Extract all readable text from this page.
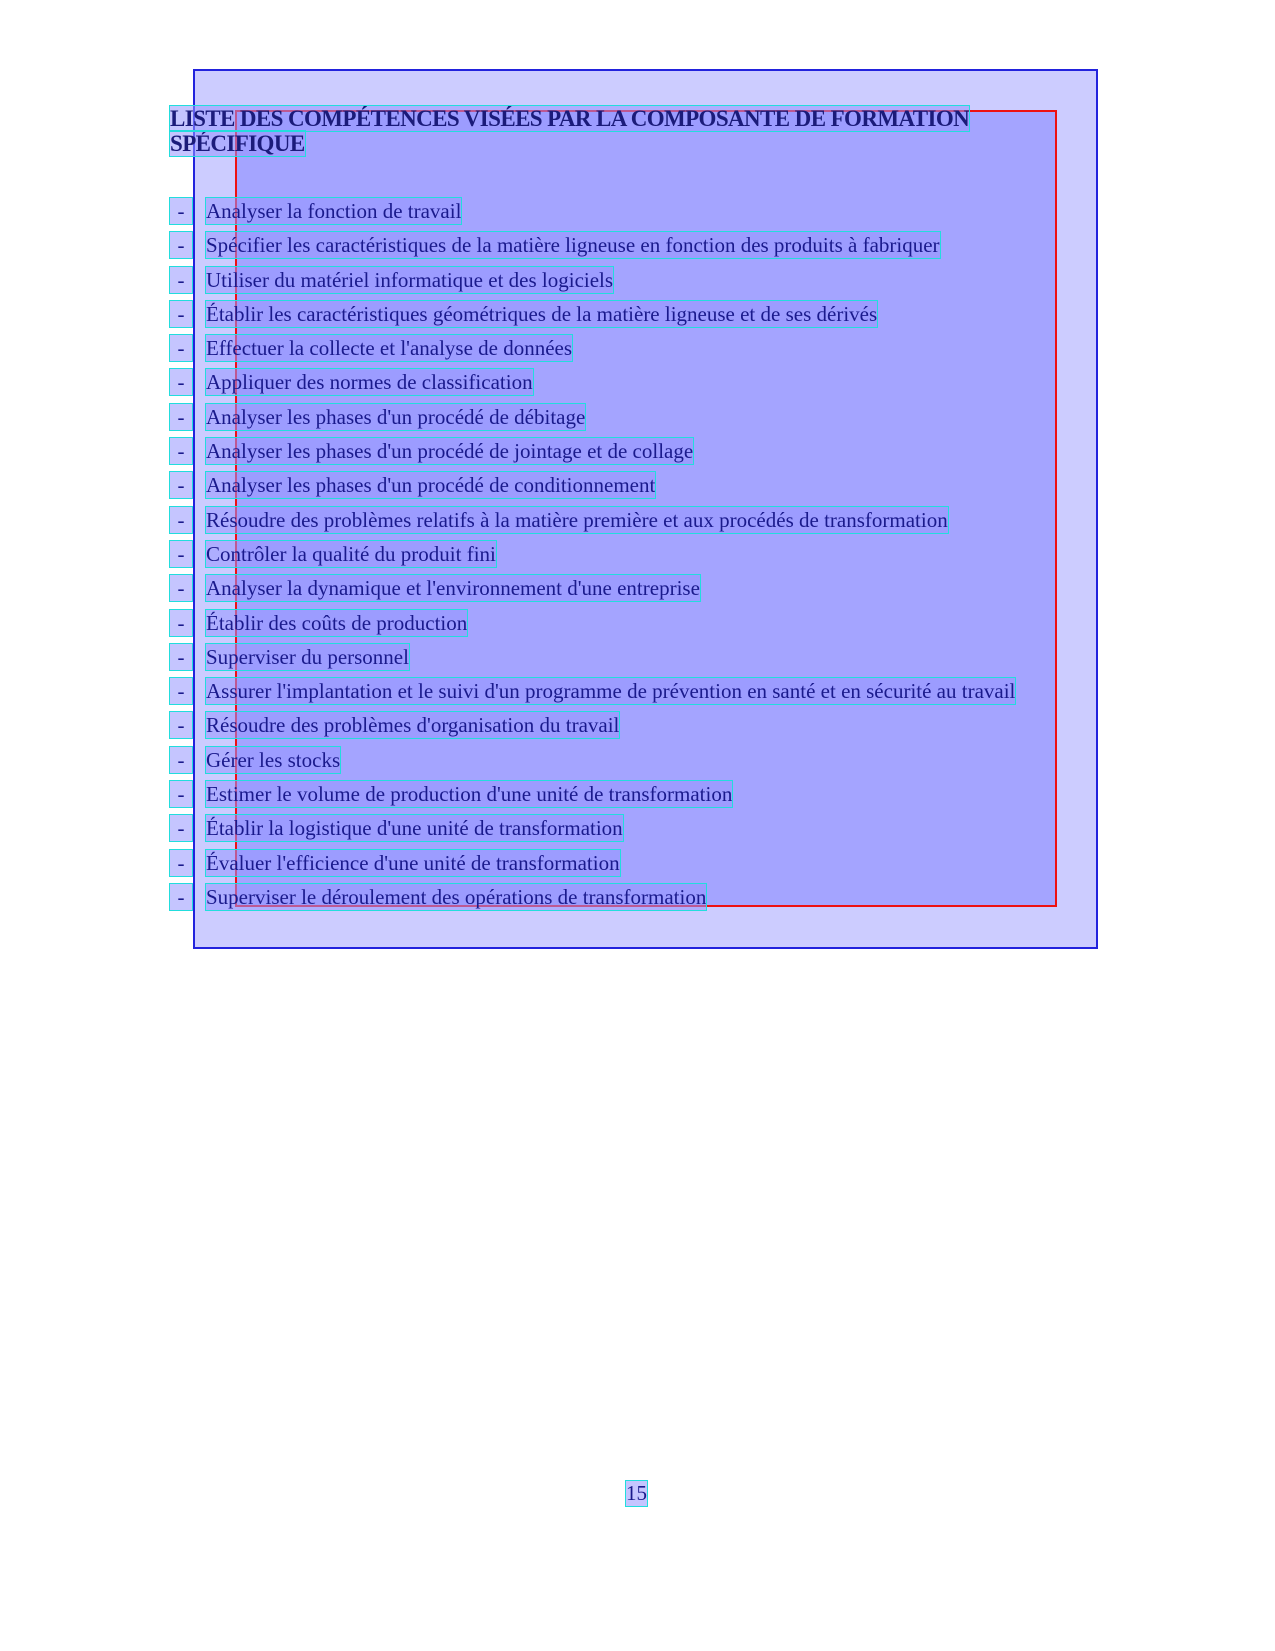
LISTE DES COMPÉTENCES VISÉES PAR LA COMPOSANTE DE FORMATION
SPÉCIFIQUE
-	Analyser la fonction de travail
-	Spécifier les caractéristiques de la matière ligneuse en fonction des produits à fabriquer
-	Utiliser du matériel informatique et des logiciels
-	Établir les caractéristiques géométriques de la matière ligneuse et de ses dérivés
-	Effectuer la collecte et l'analyse de données
-	Appliquer des normes de classification
-	Analyser les phases d'un procédé de débitage
-	Analyser les phases d'un procédé de jointage et de collage
-	Analyser les phases d'un procédé de conditionnement
-	Résoudre des problèmes relatifs à la matière première et aux procédés de transformation
-	Contrôler la qualité du produit fini
-	Analyser la dynamique et l'environnement d'une entreprise
-	Établir des coûts de production
-	Superviser du personnel
-	Assurer l'implantation et le suivi d'un programme de prévention en santé et en sécurité au travail
-	Résoudre des problèmes d'organisation du travail
-	Gérer les stocks
-	Estimer le volume de production d'une unité de transformation
-	Établir la logistique d'une unité de transformation
-	Évaluer l'efficience d'une unité de transformation
-	Superviser le déroulement des opérations de transformation
15
